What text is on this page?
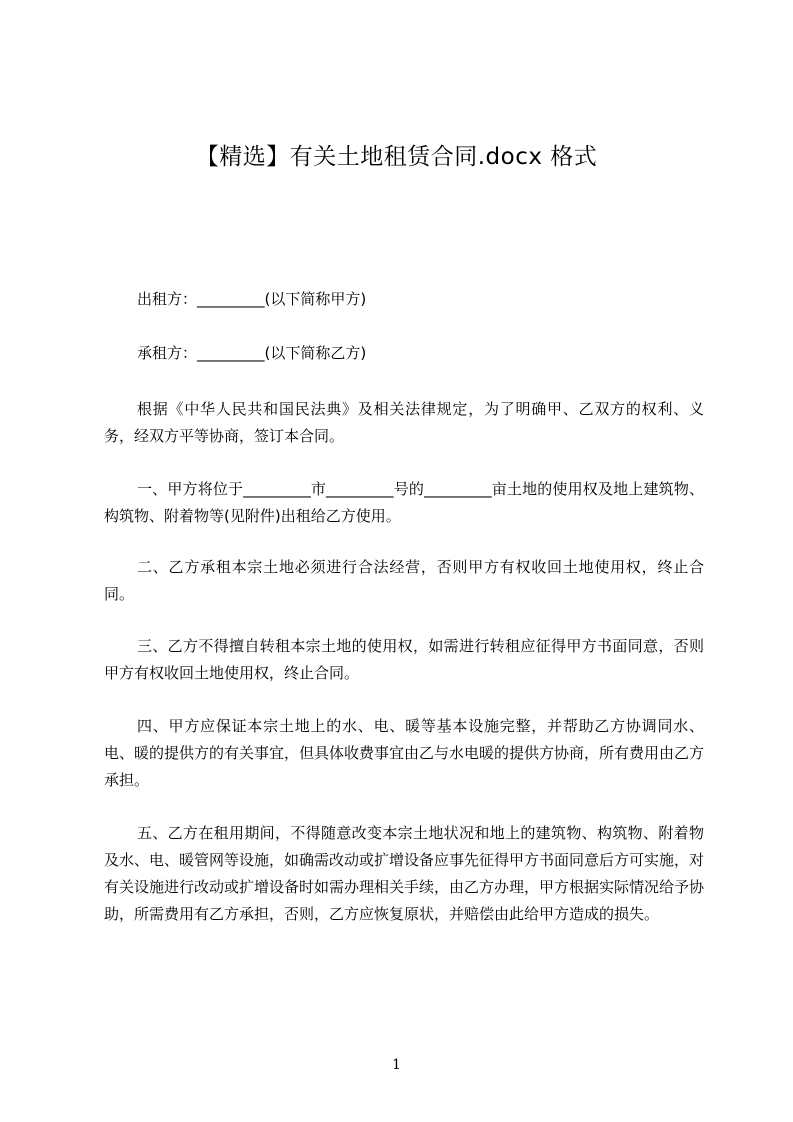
【精选】有关土地租赁合同.docx 格式

出租方：_________(以下简称甲方)

承租方：_________(以下简称乙方)

根据《中华人民共和国民法典》及相关法律规定，为了明确甲、乙双方的权利、义务，经双方平等协商，签订本合同。

一、甲方将位于_________市_________号的_________亩土地的使用权及地上建筑物、构筑物、附着物等(见附件)出租给乙方使用。

二、乙方承租本宗土地必须进行合法经营，否则甲方有权收回土地使用权，终止合同。

三、乙方不得擅自转租本宗土地的使用权，如需进行转租应征得甲方书面同意，否则甲方有权收回土地使用权，终止合同。

四、甲方应保证本宗土地上的水、电、暖等基本设施完整，并帮助乙方协调同水、电、暖的提供方的有关事宜，但具体收费事宜由乙与水电暖的提供方协商，所有费用由乙方承担。

五、乙方在租用期间，不得随意改变本宗土地状况和地上的建筑物、构筑物、附着物及水、电、暖管网等设施，如确需改动或扩增设备应事先征得甲方书面同意后方可实施，对有关设施进行改动或扩增设备时如需办理相关手续，由乙方办理，甲方根据实际情况给予协助，所需费用有乙方承担，否则，乙方应恢复原状，并赔偿由此给甲方造成的损失。

1
